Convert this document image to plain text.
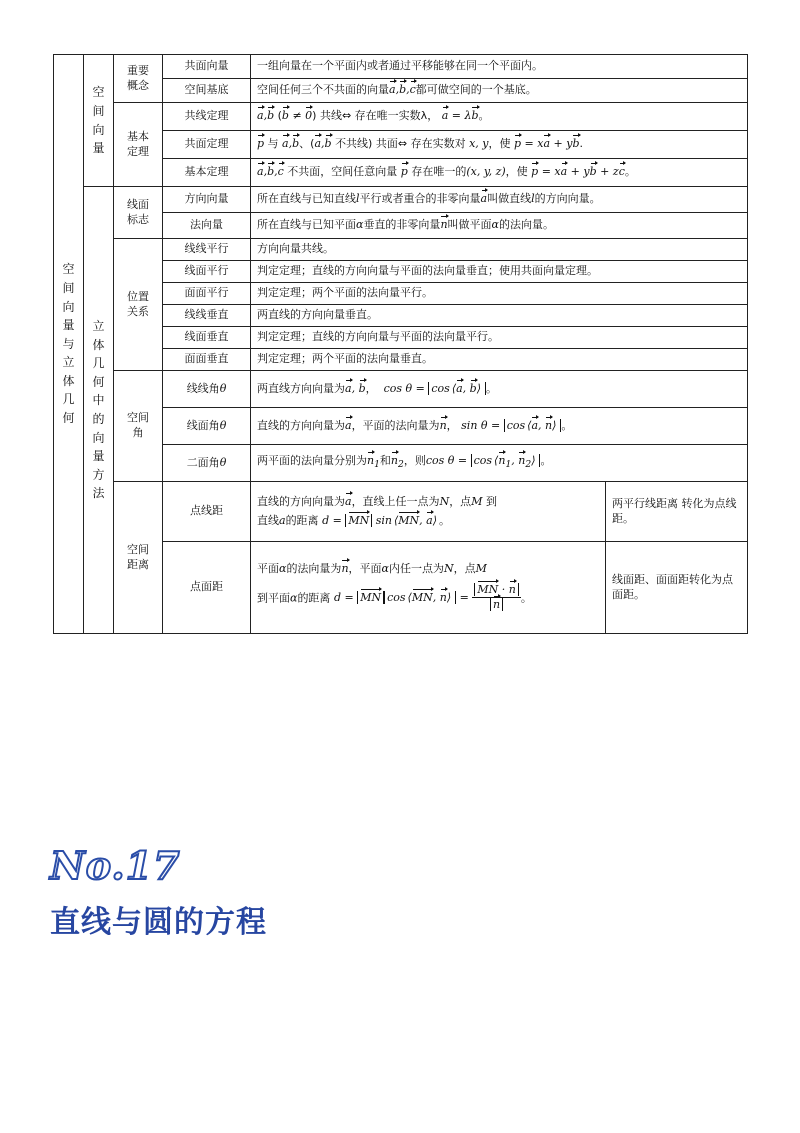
空间向量与立体几何	空间向量	重要概念	共面向量	一组向量在一个平面内或者通过平移能够在同一个平面内。	
			空间基底	空间任何三个不共面的向量a,b,c都可做空间的一个基底。	

		基本定理	共线定理	a,b (b ≠ 0) 共线⇔ 存在唯一实数λ， a = λb。	
			共面定理	p 与 a,b、(a,b 不共线) 共面⇔ 存在实数对 x, y，使 p = xa + yb.	
			基本定理	a,b,c 不共面，空间任意向量 p 存在唯一的(x, y, z)，使 p = xa + yb + zc。	

	立体几何中的向量方法	线面标志	方向向量	所在直线与已知直线l平行或者重合的非零向量a叫做直线l的方向向量。	
			法向量	所在直线与已知平面α垂直的非零向量n叫做平面α的法向量。	

		位置关系	线线平行	方向向量共线。	
			线面平行	判定定理；直线的方向向量与平面的法向量垂直；使用共面向量定理。	
			面面平行	判定定理；两个平面的法向量平行。	
			线线垂直	两直线的方向向量垂直。	
			线面垂直	判定定理；直线的方向向量与平面的法向量平行。	
			面面垂直	判定定理；两个平面的法向量垂直。	

		空间角	线线角θ	两直线方向向量为a, b， cos θ = cos ⟨a, b⟩ 。	
			线面角θ	直线的方向向量为a，平面的法向量为n， sin θ = cos ⟨a, n⟩ 。	
			二面角θ	两平面的法向量分别为$n_1$和$n_2$，则$\cos \theta = \cos ⟨n_1$, $n_2⟩$ 。	

		空间距离	点线距	直线的方向向量为a，直线上任一点为N，点M 到
直线a的距离 d = MN sin ⟨MN, a⟩ 。	两平行线距离 转化为点线距。
			点面距	平面α的法向量为n，平面α内任一点为N，点M
到平面α的距离 d = MN cos ⟨MN, n⟩ = $\frac{MN \cdot n}{n}$ 。	线面距、面面距转化为点面距。
No.17
直线与圆的方程
